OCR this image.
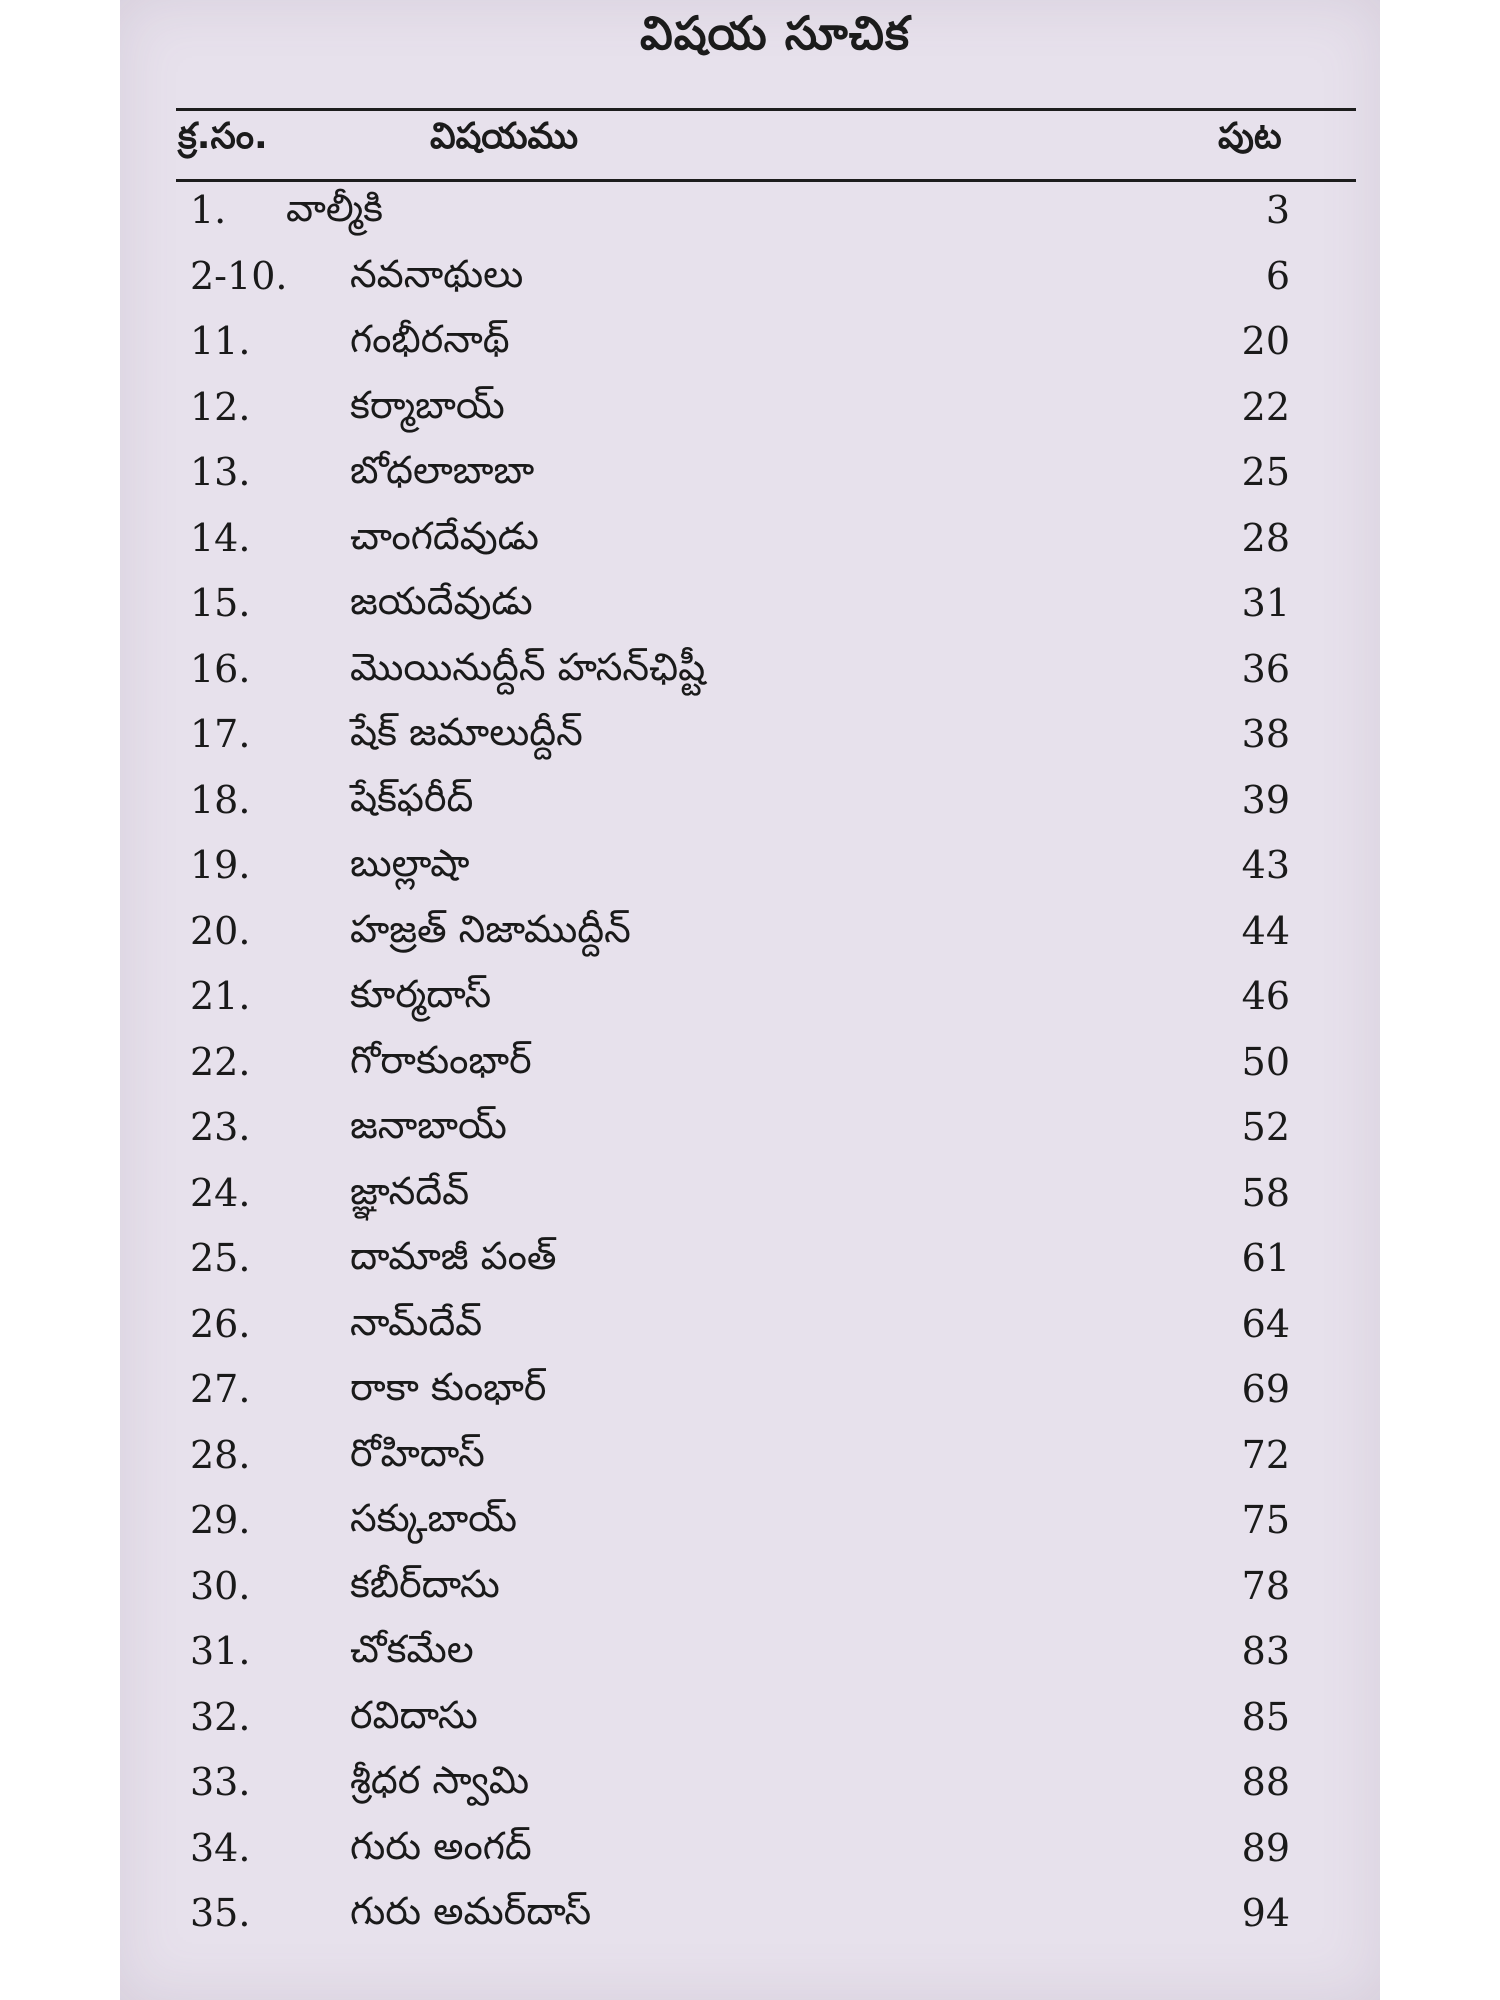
విషయ సూచిక
క్ర.సం.	విషయము	పుట
1. వాల్మీకి	3
2-10. నవనాథులు	6
11.	గంభీరనాథ్	20
12.	కర్మాబాయ్	22
13.	బోధలాబాబా	25
14.	చాంగదేవుడు	28
15.	జయదేవుడు	31
16.	మొయినుద్దీన్ హసన్‌ఛిష్టీ	36
17.	షేక్ జమాలుద్దీన్	38
18.	షేక్‌ఫరీద్	39
19.	బుల్లాషా	43
20.	హజ్రత్ నిజాముద్దీన్	44
21.	కూర్మదాస్	46
22.	గోరాకుంభార్	50
23.	జనాబాయ్	52
24.	జ్ఞానదేవ్	58
25.	దామాజీ పంత్	61
26.	నామ్‌దేవ్	64
27.	రాకా కుంభార్	69
28.	రోహిదాస్	72
29.	సక్కుబాయ్	75
30.	కబీర్‌దాసు	78
31.	చోకమేల	83
32.	రవిదాసు	85
33.	శ్రీధర స్వామి	88
34.	గురు అంగద్	89
35.	గురు అమర్‌దాస్	94
